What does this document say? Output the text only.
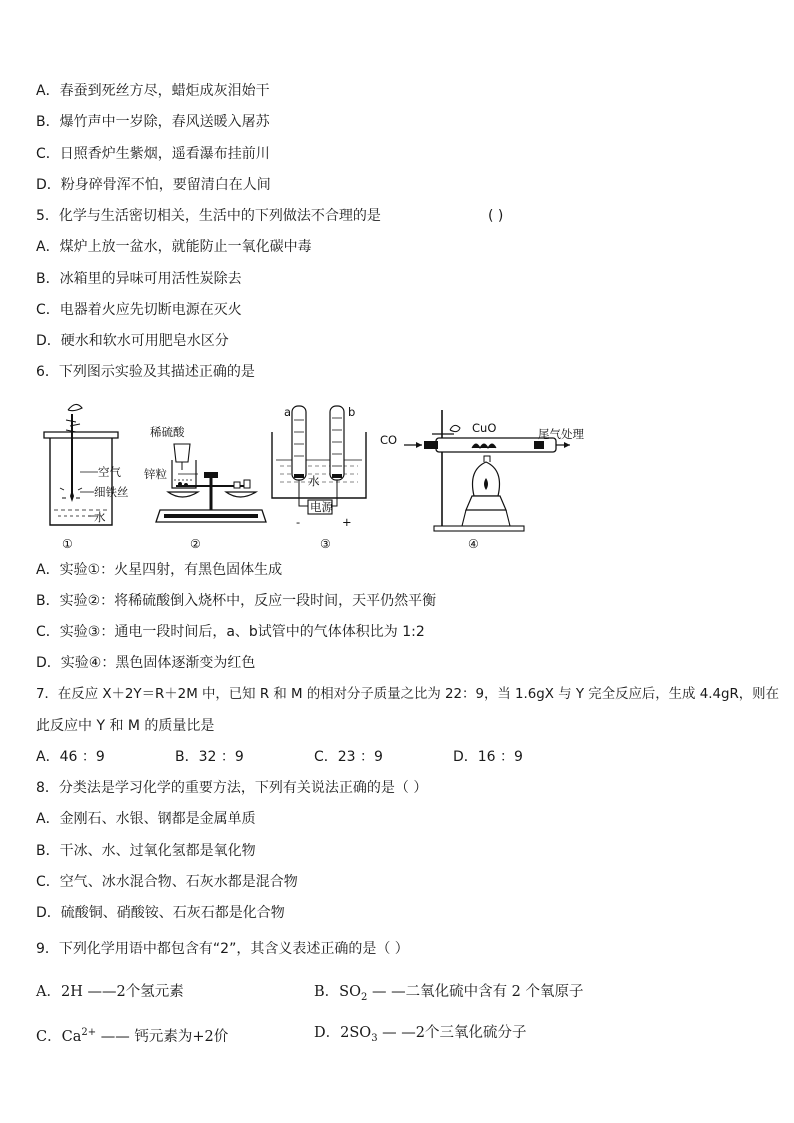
A．春蚕到死丝方尽，蜡炬成灰泪始干
B．爆竹声中一岁除，春风送暖入屠苏
C．日照香炉生紫烟，遥看瀑布挂前川
D．粉身碎骨浑不怕，要留清白在人间
5．化学与生活密切相关，生活中的下列做法不合理的是	( )
A．煤炉上放一盆水，就能防止一氧化碳中毒
B．冰箱里的异味可用活性炭除去
C．电器着火应先切断电源在灭火
D．硬水和软水可用肥皂水区分
6．下列图示实验及其描述正确的是
空气
细铁丝
水
①
稀硫酸
锌粒
②
a	b
水
电源
-	+
③
CO
CuO	尾气处理
④
A．实验①：火星四射，有黑色固体生成
B．实验②：将稀硫酸倒入烧杯中，反应一段时间，天平仍然平衡
C．实验③：通电一段时间后，a、b试管中的气体体积比为 1:2
D．实验④：黑色固体逐渐变为红色
7．在反应 X＋2Y＝R＋2M 中，已知 R 和 M 的相对分子质量之比为 22：9，当 1.6gX 与 Y 完全反应后，生成 4.4gR，则在
此反应中 Y 和 M 的质量比是
A．46 ：9	B．32 ：9	C．23 ：9	D．16 ：9
8．分类法是学习化学的重要方法，下列有关说法正确的是（ ）
A．金刚石、水银、钢都是金属单质
B．干冰、水、过氧化氢都是氧化物
C．空气、冰水混合物、石灰水都是混合物
D．硫酸铜、硝酸铵、石灰石都是化合物
9．下列化学用语中都包含有“2”，其含义表述正确的是（ ）
A．2H ——2个氢元素	B．$SO_2$ — —二氧化硫中含有 2 个氧原子
C．$Ca^{2+}$ —— 钙元素为+2价	D．$2SO_3$ — —2个三氧化硫分子
